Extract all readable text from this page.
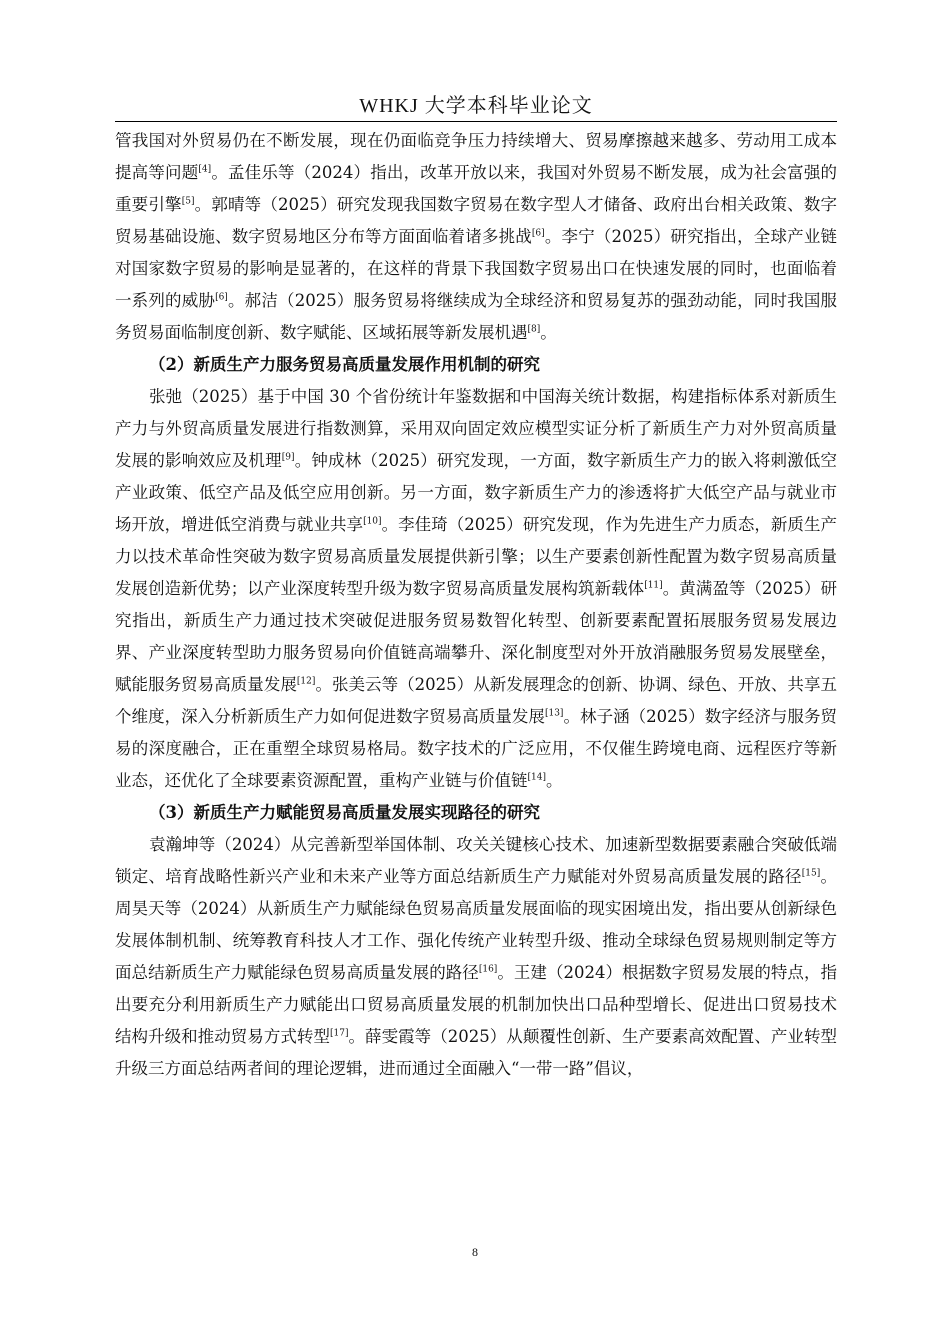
WHKJ 大学本科毕业论文

管我国对外贸易仍在不断发展，现在仍面临竞争压力持续增大、贸易摩擦越来越多、劳动用工成本提高等问题[4]。孟佳乐等（2024）指出，改革开放以来，我国对外贸易不断发展，成为社会富强的重要引擎[5]。郭晴等（2025）研究发现我国数字贸易在数字型人才储备、政府出台相关政策、数字贸易基础设施、数字贸易地区分布等方面面临着诸多挑战[6]。李宁（2025）研究指出，全球产业链对国家数字贸易的影响是显著的，在这样的背景下我国数字贸易出口在快速发展的同时，也面临着一系列的威胁[6]。郝洁（2025）服务贸易将继续成为全球经济和贸易复苏的强劲动能，同时我国服务贸易面临制度创新、数字赋能、区域拓展等新发展机遇[8]。

（2）新质生产力服务贸易高质量发展作用机制的研究

张弛（2025）基于中国 30 个省份统计年鉴数据和中国海关统计数据，构建指标体系对新质生产力与外贸高质量发展进行指数测算，采用双向固定效应模型实证分析了新质生产力对外贸高质量发展的影响效应及机理[9]。钟成林（2025）研究发现，一方面，数字新质生产力的嵌入将刺激低空产业政策、低空产品及低空应用创新。另一方面，数字新质生产力的渗透将扩大低空产品与就业市场开放，增进低空消费与就业共享[10]。李佳琦（2025）研究发现，作为先进生产力质态，新质生产力以技术革命性突破为数字贸易高质量发展提供新引擎；以生产要素创新性配置为数字贸易高质量发展创造新优势；以产业深度转型升级为数字贸易高质量发展构筑新载体[11]。黄满盈等（2025）研究指出，新质生产力通过技术突破促进服务贸易数智化转型、创新要素配置拓展服务贸易发展边界、产业深度转型助力服务贸易向价值链高端攀升、深化制度型对外开放消融服务贸易发展壁垒，赋能服务贸易高质量发展[12]。张美云等（2025）从新发展理念的创新、协调、绿色、开放、共享五个维度，深入分析新质生产力如何促进数字贸易高质量发展[13]。林子涵（2025）数字经济与服务贸易的深度融合，正在重塑全球贸易格局。数字技术的广泛应用，不仅催生跨境电商、远程医疗等新业态，还优化了全球要素资源配置，重构产业链与价值链[14]。

（3）新质生产力赋能贸易高质量发展实现路径的研究

袁瀚坤等（2024）从完善新型举国体制、攻关关键核心技术、加速新型数据要素融合突破低端锁定、培育战略性新兴产业和未来产业等方面总结新质生产力赋能对外贸易高质量发展的路径[15]。周昊天等（2024）从新质生产力赋能绿色贸易高质量发展面临的现实困境出发，指出要从创新绿色发展体制机制、统筹教育科技人才工作、强化传统产业转型升级、推动全球绿色贸易规则制定等方面总结新质生产力赋能绿色贸易高质量发展的路径[16]。王建（2024）根据数字贸易发展的特点，指出要充分利用新质生产力赋能出口贸易高质量发展的机制加快出口品种型增长、促进出口贸易技术结构升级和推动贸易方式转型[17]。薛雯霞等（2025）从颠覆性创新、生产要素高效配置、产业转型升级三方面总结两者间的理论逻辑，进而通过全面融入“一带一路”倡议，

8
